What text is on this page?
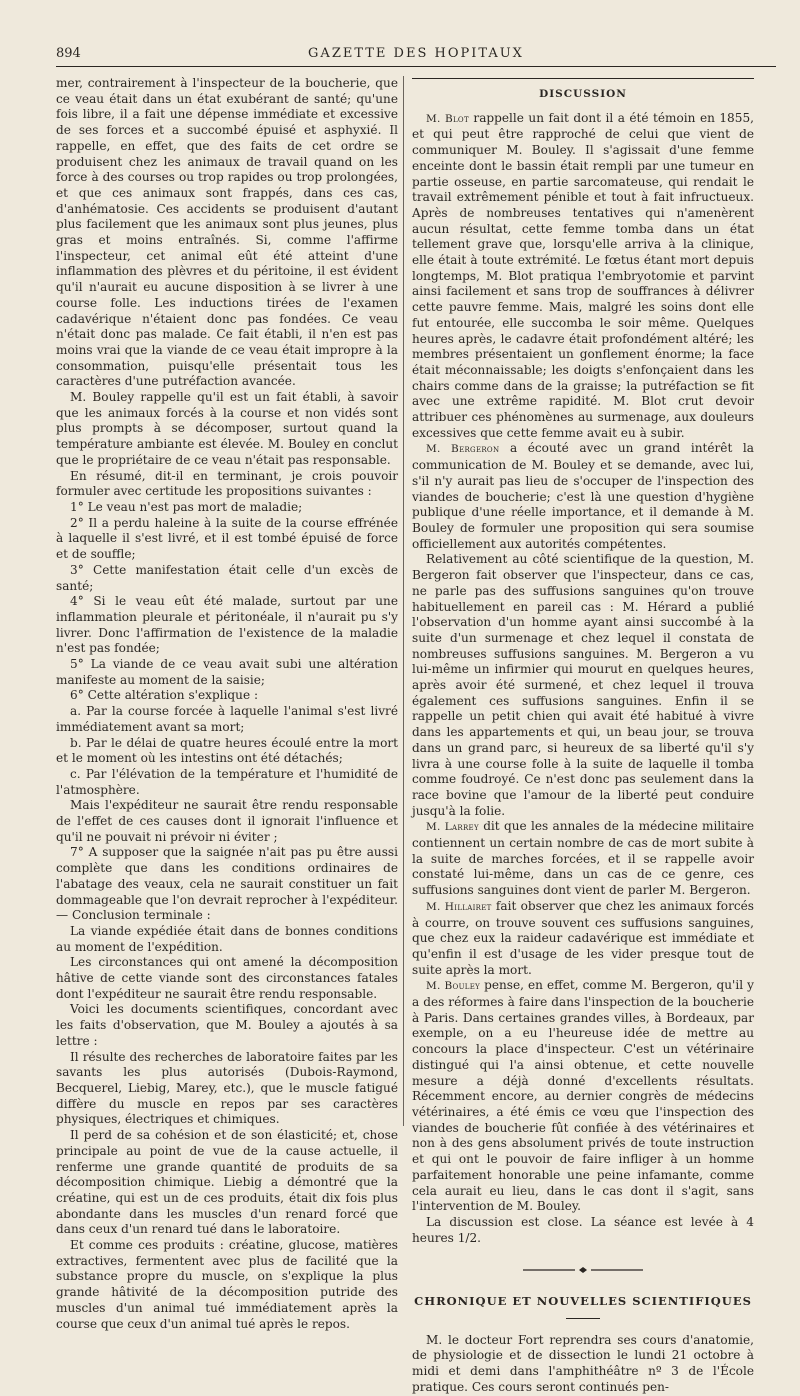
894	GAZETTE DES HOPITAUX

mer, contrairement à l'inspecteur de la boucherie, que ce veau était dans un état exubérant de santé; qu'une fois libre, il a fait une dépense immédiate et excessive de ses forces et a succombé épuisé et asphyxié. Il rappelle, en effet, que des faits de cet ordre se produisent chez les animaux de travail quand on les force à des courses ou trop rapides ou trop prolongées, et que ces animaux sont frappés, dans ces cas, d'anhématosie. Ces accidents se produisent d'autant plus facilement que les animaux sont plus jeunes, plus gras et moins entraînés. Si, comme l'affirme l'inspecteur, cet animal eût été atteint d'une inflammation des plèvres et du péritoine, il est évident qu'il n'aurait eu aucune disposition à se livrer à une course folle. Les inductions tirées de l'examen cadavérique n'étaient donc pas fondées. Ce veau n'était donc pas malade. Ce fait établi, il n'en est pas moins vrai que la viande de ce veau était impropre à la consommation, puisqu'elle présentait tous les caractères d'une putréfaction avancée.

M. Bouley rappelle qu'il est un fait établi, à savoir que les animaux forcés à la course et non vidés sont plus prompts à se décomposer, surtout quand la température ambiante est élevée. M. Bouley en conclut que le propriétaire de ce veau n'était pas responsable.

En résumé, dit-il en terminant, je crois pouvoir formuler avec certitude les propositions suivantes :

1° Le veau n'est pas mort de maladie;

2° Il a perdu haleine à la suite de la course effrénée à laquelle il s'est livré, et il est tombé épuisé de force et de souffle;

3° Cette manifestation était celle d'un excès de santé;

4° Si le veau eût été malade, surtout par une inflammation pleurale et péritonéale, il n'aurait pu s'y livrer. Donc l'affirmation de l'existence de la maladie n'est pas fondée;

5° La viande de ce veau avait subi une altération manifeste au moment de la saisie;

6° Cette altération s'explique :

a. Par la course forcée à laquelle l'animal s'est livré immédiatement avant sa mort;

b. Par le délai de quatre heures écoulé entre la mort et le moment où les intestins ont été détachés;

c. Par l'élévation de la température et l'humidité de l'atmosphère.

Mais l'expéditeur ne saurait être rendu responsable de l'effet de ces causes dont il ignorait l'influence et qu'il ne pouvait ni prévoir ni éviter ;

7° A supposer que la saignée n'ait pas pu être aussi complète que dans les conditions ordinaires de l'abatage des veaux, cela ne saurait constituer un fait dommageable que l'on devrait reprocher à l'expéditeur. — Conclusion terminale :

La viande expédiée était dans de bonnes conditions au moment de l'expédition.

Les circonstances qui ont amené la décomposition hâtive de cette viande sont des circonstances fatales dont l'expéditeur ne saurait être rendu responsable.

Voici les documents scientifiques, concordant avec les faits d'observation, que M. Bouley a ajoutés à sa lettre :

Il résulte des recherches de laboratoire faites par les savants les plus autorisés (Dubois-Raymond, Becquerel, Liebig, Marey, etc.), que le muscle fatigué diffère du muscle en repos par ses caractères physiques, électriques et chimiques.

Il perd de sa cohésion et de son élasticité; et, chose principale au point de vue de la cause actuelle, il renferme une grande quantité de produits de sa décomposition chimique. Liebig a démontré que la créatine, qui est un de ces produits, était dix fois plus abondante dans les muscles d'un renard forcé que dans ceux d'un renard tué dans le laboratoire.

Et comme ces produits : créatine, glucose, matières extractives, fermentent avec plus de facilité que la substance propre du muscle, on s'explique la plus grande hâtivité de la décomposition putride des muscles d'un animal tué immédiatement après la course que ceux d'un animal tué après le repos.

DISCUSSION

M. Blot rappelle un fait dont il a été témoin en 1855, et qui peut être rapproché de celui que vient de communiquer M. Bouley. Il s'agissait d'une femme enceinte dont le bassin était rempli par une tumeur en partie osseuse, en partie sarcomateuse, qui rendait le travail extrêmement pénible et tout à fait infructueux. Après de nombreuses tentatives qui n'amenèrent aucun résultat, cette femme tomba dans un état tellement grave que, lorsqu'elle arriva à la clinique, elle était à toute extrémité. Le fœtus étant mort depuis longtemps, M. Blot pratiqua l'embryotomie et parvint ainsi facilement et sans trop de souffrances à délivrer cette pauvre femme. Mais, malgré les soins dont elle fut entourée, elle succomba le soir même. Quelques heures après, le cadavre était profondément altéré; les membres présentaient un gonflement énorme; la face était méconnaissable; les doigts s'enfonçaient dans les chairs comme dans de la graisse; la putréfaction se fit avec une extrême rapidité. M. Blot crut devoir attribuer ces phénomènes au surmenage, aux douleurs excessives que cette femme avait eu à subir.

M. Bergeron a écouté avec un grand intérêt la communication de M. Bouley et se demande, avec lui, s'il n'y aurait pas lieu de s'occuper de l'inspection des viandes de boucherie; c'est là une question d'hygiène publique d'une réelle importance, et il demande à M. Bouley de formuler une proposition qui sera soumise officiellement aux autorités compétentes.

Relativement au côté scientifique de la question, M. Bergeron fait observer que l'inspecteur, dans ce cas, ne parle pas des suffusions sanguines qu'on trouve habituellement en pareil cas : M. Hérard a publié l'observation d'un homme ayant ainsi succombé à la suite d'un surmenage et chez lequel il constata de nombreuses suffusions sanguines. M. Bergeron a vu lui-même un infirmier qui mourut en quelques heures, après avoir été surmené, et chez lequel il trouva également ces suffusions sanguines. Enfin il se rappelle un petit chien qui avait été habitué à vivre dans les appartements et qui, un beau jour, se trouva dans un grand parc, si heureux de sa liberté qu'il s'y livra à une course folle à la suite de laquelle il tomba comme foudroyé. Ce n'est donc pas seulement dans la race bovine que l'amour de la liberté peut conduire jusqu'à la folie.

M. Larrey dit que les annales de la médecine militaire contiennent un certain nombre de cas de mort subite à la suite de marches forcées, et il se rappelle avoir constaté lui-même, dans un cas de ce genre, ces suffusions sanguines dont vient de parler M. Bergeron.

M. Hillairet fait observer que chez les animaux forcés à courre, on trouve souvent ces suffusions sanguines, que chez eux la raideur cadavérique est immédiate et qu'enfin il est d'usage de les vider presque tout de suite après la mort.

M. Bouley pense, en effet, comme M. Bergeron, qu'il y a des réformes à faire dans l'inspection de la boucherie à Paris. Dans certaines grandes villes, à Bordeaux, par exemple, on a eu l'heureuse idée de mettre au concours la place d'inspecteur. C'est un vétérinaire distingué qui l'a ainsi obtenue, et cette nouvelle mesure a déjà donné d'excellents résultats. Récemment encore, au dernier congrès de médecins vétérinaires, a été émis ce vœu que l'inspection des viandes de boucherie fût confiée à des vétérinaires et non à des gens absolument privés de toute instruction et qui ont le pouvoir de faire infliger à un homme parfaitement honorable une peine infamante, comme cela aurait eu lieu, dans le cas dont il s'agit, sans l'intervention de M. Bouley.

La discussion est close. La séance est levée à 4 heures 1/2.

CHRONIQUE ET NOUVELLES SCIENTIFIQUES

M. le docteur Fort reprendra ses cours d'anatomie, de physiologie et de dissection le lundi 21 octobre à midi et demi dans l'amphithéâtre nº 3 de l'École pratique. Ces cours seront continués pen-
